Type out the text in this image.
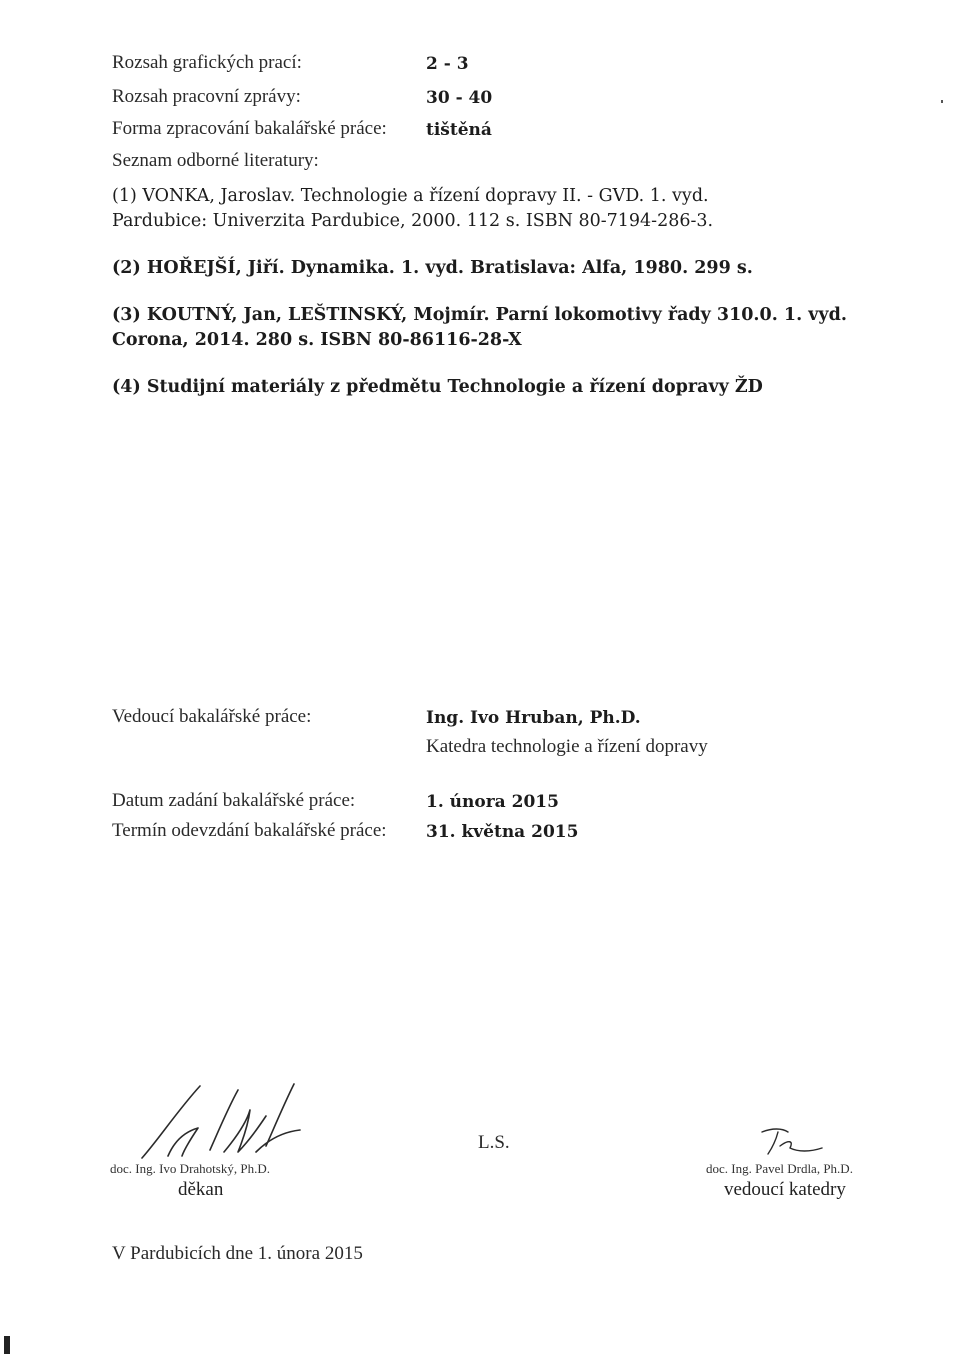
Rozsah grafických prací:	2 - 3
Rozsah pracovní zprávy:	30 - 40
Forma zpracování bakalářské práce: tištěná
Seznam odborné literatury:
(1) VONKA, Jaroslav. Technologie a řízení dopravy II. - GVD. 1. vyd.
Pardubice: Univerzita Pardubice, 2000. 112 s. ISBN 80-7194-286-3.
(2) HOŘEJŠÍ, Jiří. Dynamika. 1. vyd. Bratislava: Alfa, 1980. 299 s.
(3) KOUTNÝ, Jan, LEŠTINSKÝ, Mojmír. Parní lokomotivy řady 310.0. 1. vyd.
Corona, 2014. 280 s. ISBN 80-86116-28-X
(4) Studijní materiály z předmětu Technologie a řízení dopravy ŽD
Vedoucí bakalářské práce:	Ing. Ivo Hruban, Ph.D.
Katedra technologie a řízení dopravy
Datum zadání bakalářské práce:	1. února 2015
Termín odevzdání bakalářské práce: 31. května 2015
doc. Ing. Ivo Drahotský, Ph.D.
děkan
L.S.
doc. Ing. Pavel Drdla, Ph.D.
vedoucí katedry
V Pardubicích dne 1. února 2015
